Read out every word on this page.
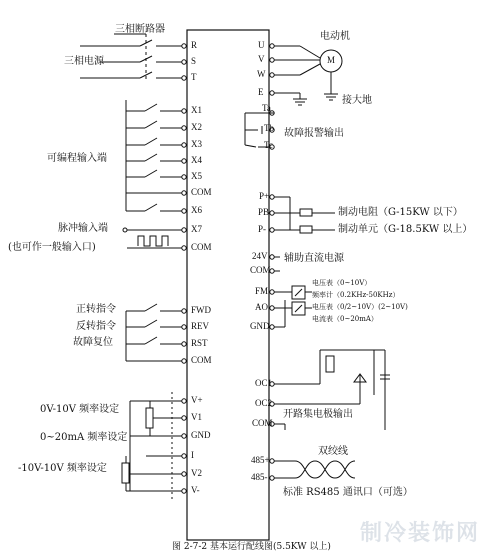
三相断路器
三相电源
电动机
M
接大地
故障报警输出
可编程输入端
脉冲输入端
(也可作一般输入口)
制动电阻（G-15KW 以下）
制动单元（G-18.5KW 以上）
辅助直流电源
电压表（0~10V）
频率计（0.2KHz-50KHz）
电压表（0/2~10V）(2~10V)
电流表（0~20mA）
正转指令
反转指令
故障复位
0V-10V 频率设定
0~20mA 频率设定
-10V-10V 频率设定
开路集电极输出
双绞线
标准 RS485 通讯口（可选）
图 2-7-2 基本运行配线图(5.5KW 以上)
R
S
T
X1
X2
X3
X4
X5
COM
X6
X7
COM
FWD
REV
RST
COM
V+
V1
GND
I
V2
V-
U
V
W
E
Ta
Tb
Tc
P+
PB
P-
24V
COM
FM
AO
GND
OC1
OC2
COM
485+
485-
制冷装饰网
